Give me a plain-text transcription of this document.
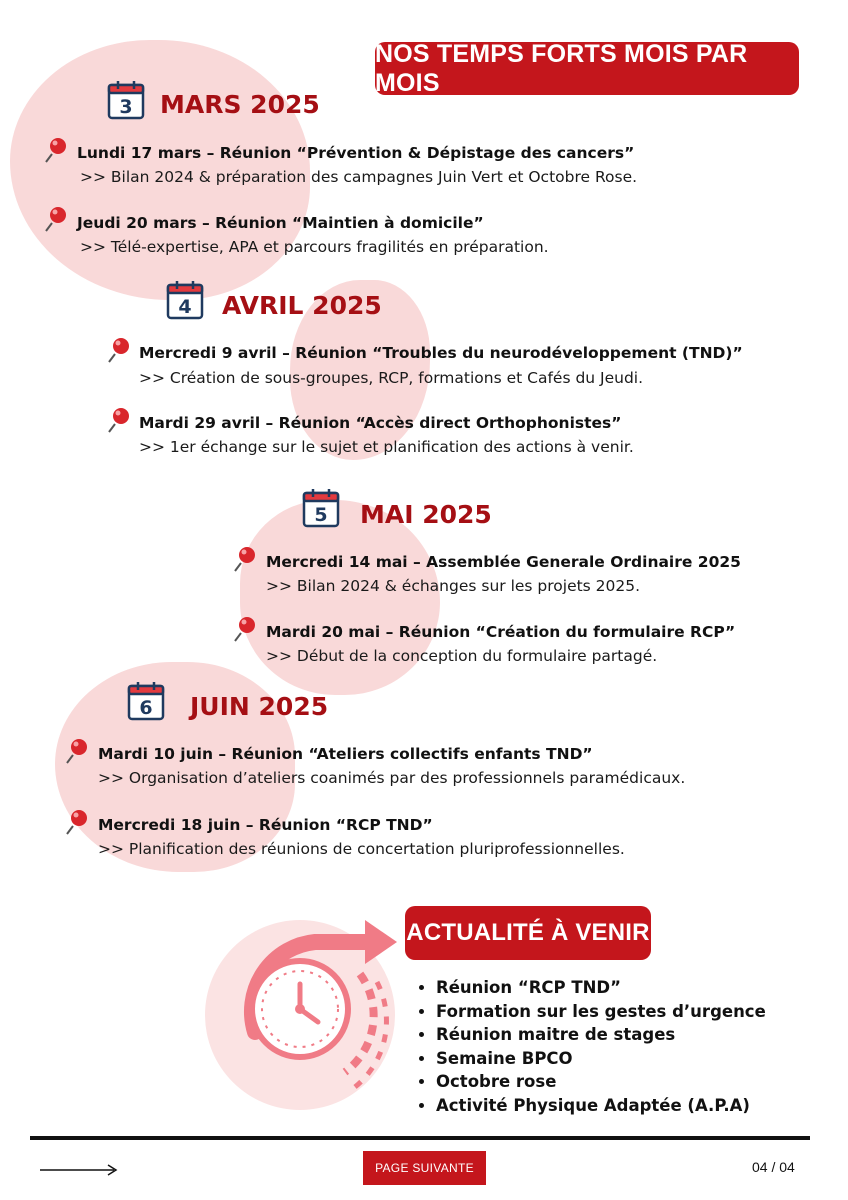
NOS TEMPS FORTS MOIS PAR MOIS
3 MARS 2025
Lundi 17 mars – Réunion “Prévention & Dépistage des cancers”
>> Bilan 2024 & préparation des campagnes Juin Vert et Octobre Rose.
Jeudi 20 mars – Réunion “Maintien à domicile”
>> Télé-expertise, APA et parcours fragilités en préparation.
4 AVRIL 2025
Mercredi 9 avril – Réunion “Troubles du neurodéveloppement (TND)”
>> Création de sous-groupes, RCP, formations et Cafés du Jeudi.
Mardi 29 avril – Réunion “Accès direct Orthophonistes”
>> 1er échange sur le sujet et planification des actions à venir.
5 MAI 2025
Mercredi 14 mai – Assemblée Generale Ordinaire 2025
>> Bilan 2024 & échanges sur les projets 2025.
Mardi 20 mai – Réunion “Création du formulaire RCP”
>> Début de la conception du formulaire partagé.
6 JUIN 2025
Mardi 10 juin – Réunion “Ateliers collectifs enfants TND”
>> Organisation d’ateliers coanimés par des professionnels paramédicaux.
Mercredi 18 juin – Réunion “RCP TND”
>> Planification des réunions de concertation pluriprofessionnelles.
ACTUALITÉ À VENIR
• Réunion “RCP TND”
• Formation sur les gestes d’urgence
• Réunion maitre de stages
• Semaine BPCO
• Octobre rose
• Activité Physique Adaptée (A.P.A)
PAGE SUIVANTE	04 / 04
